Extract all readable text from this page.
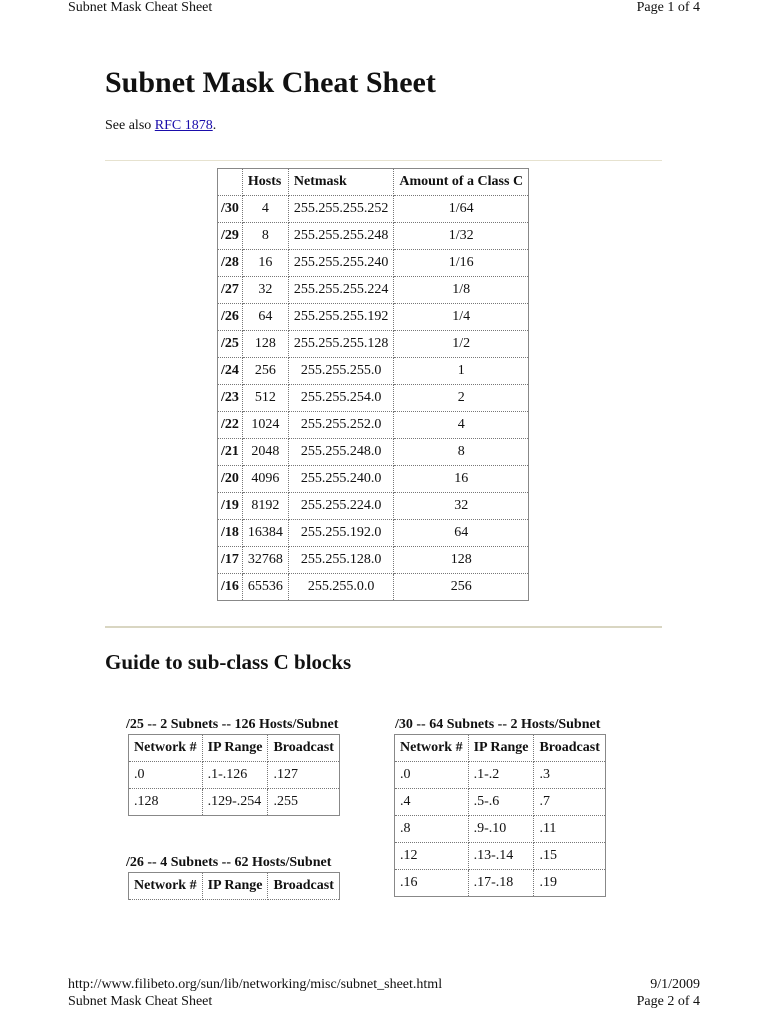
Subnet Mask Cheat Sheet	Page 1 of 4
Subnet Mask Cheat Sheet
See also RFC 1878.
	Hosts	Netmask	Amount of a Class C
/30	4	255.255.255.252	1/64
/29	8	255.255.255.248	1/32
/28	16	255.255.255.240	1/16
/27	32	255.255.255.224	1/8
/26	64	255.255.255.192	1/4
/25	128	255.255.255.128	1/2
/24	256	255.255.255.0	1
/23	512	255.255.254.0	2
/22	1024	255.255.252.0	4
/21	2048	255.255.248.0	8
/20	4096	255.255.240.0	16
/19	8192	255.255.224.0	32
/18	16384	255.255.192.0	64
/17	32768	255.255.128.0	128
/16	65536	255.255.0.0	256
Guide to sub-class C blocks
/25 -- 2 Subnets -- 126 Hosts/Subnet
Network #	IP Range	Broadcast
.0	.1-.126	.127
.128	.129-.254	.255
/26 -- 4 Subnets -- 62 Hosts/Subnet
Network #	IP Range	Broadcast
/30 -- 64 Subnets -- 2 Hosts/Subnet
Network #	IP Range	Broadcast
.0	.1-.2	.3
.4	.5-.6	.7
.8	.9-.10	.11
.12	.13-.14	.15
.16	.17-.18	.19
http://www.filibeto.org/sun/lib/networking/misc/subnet_sheet.html	9/1/2009
Subnet Mask Cheat Sheet	Page 2 of 4
